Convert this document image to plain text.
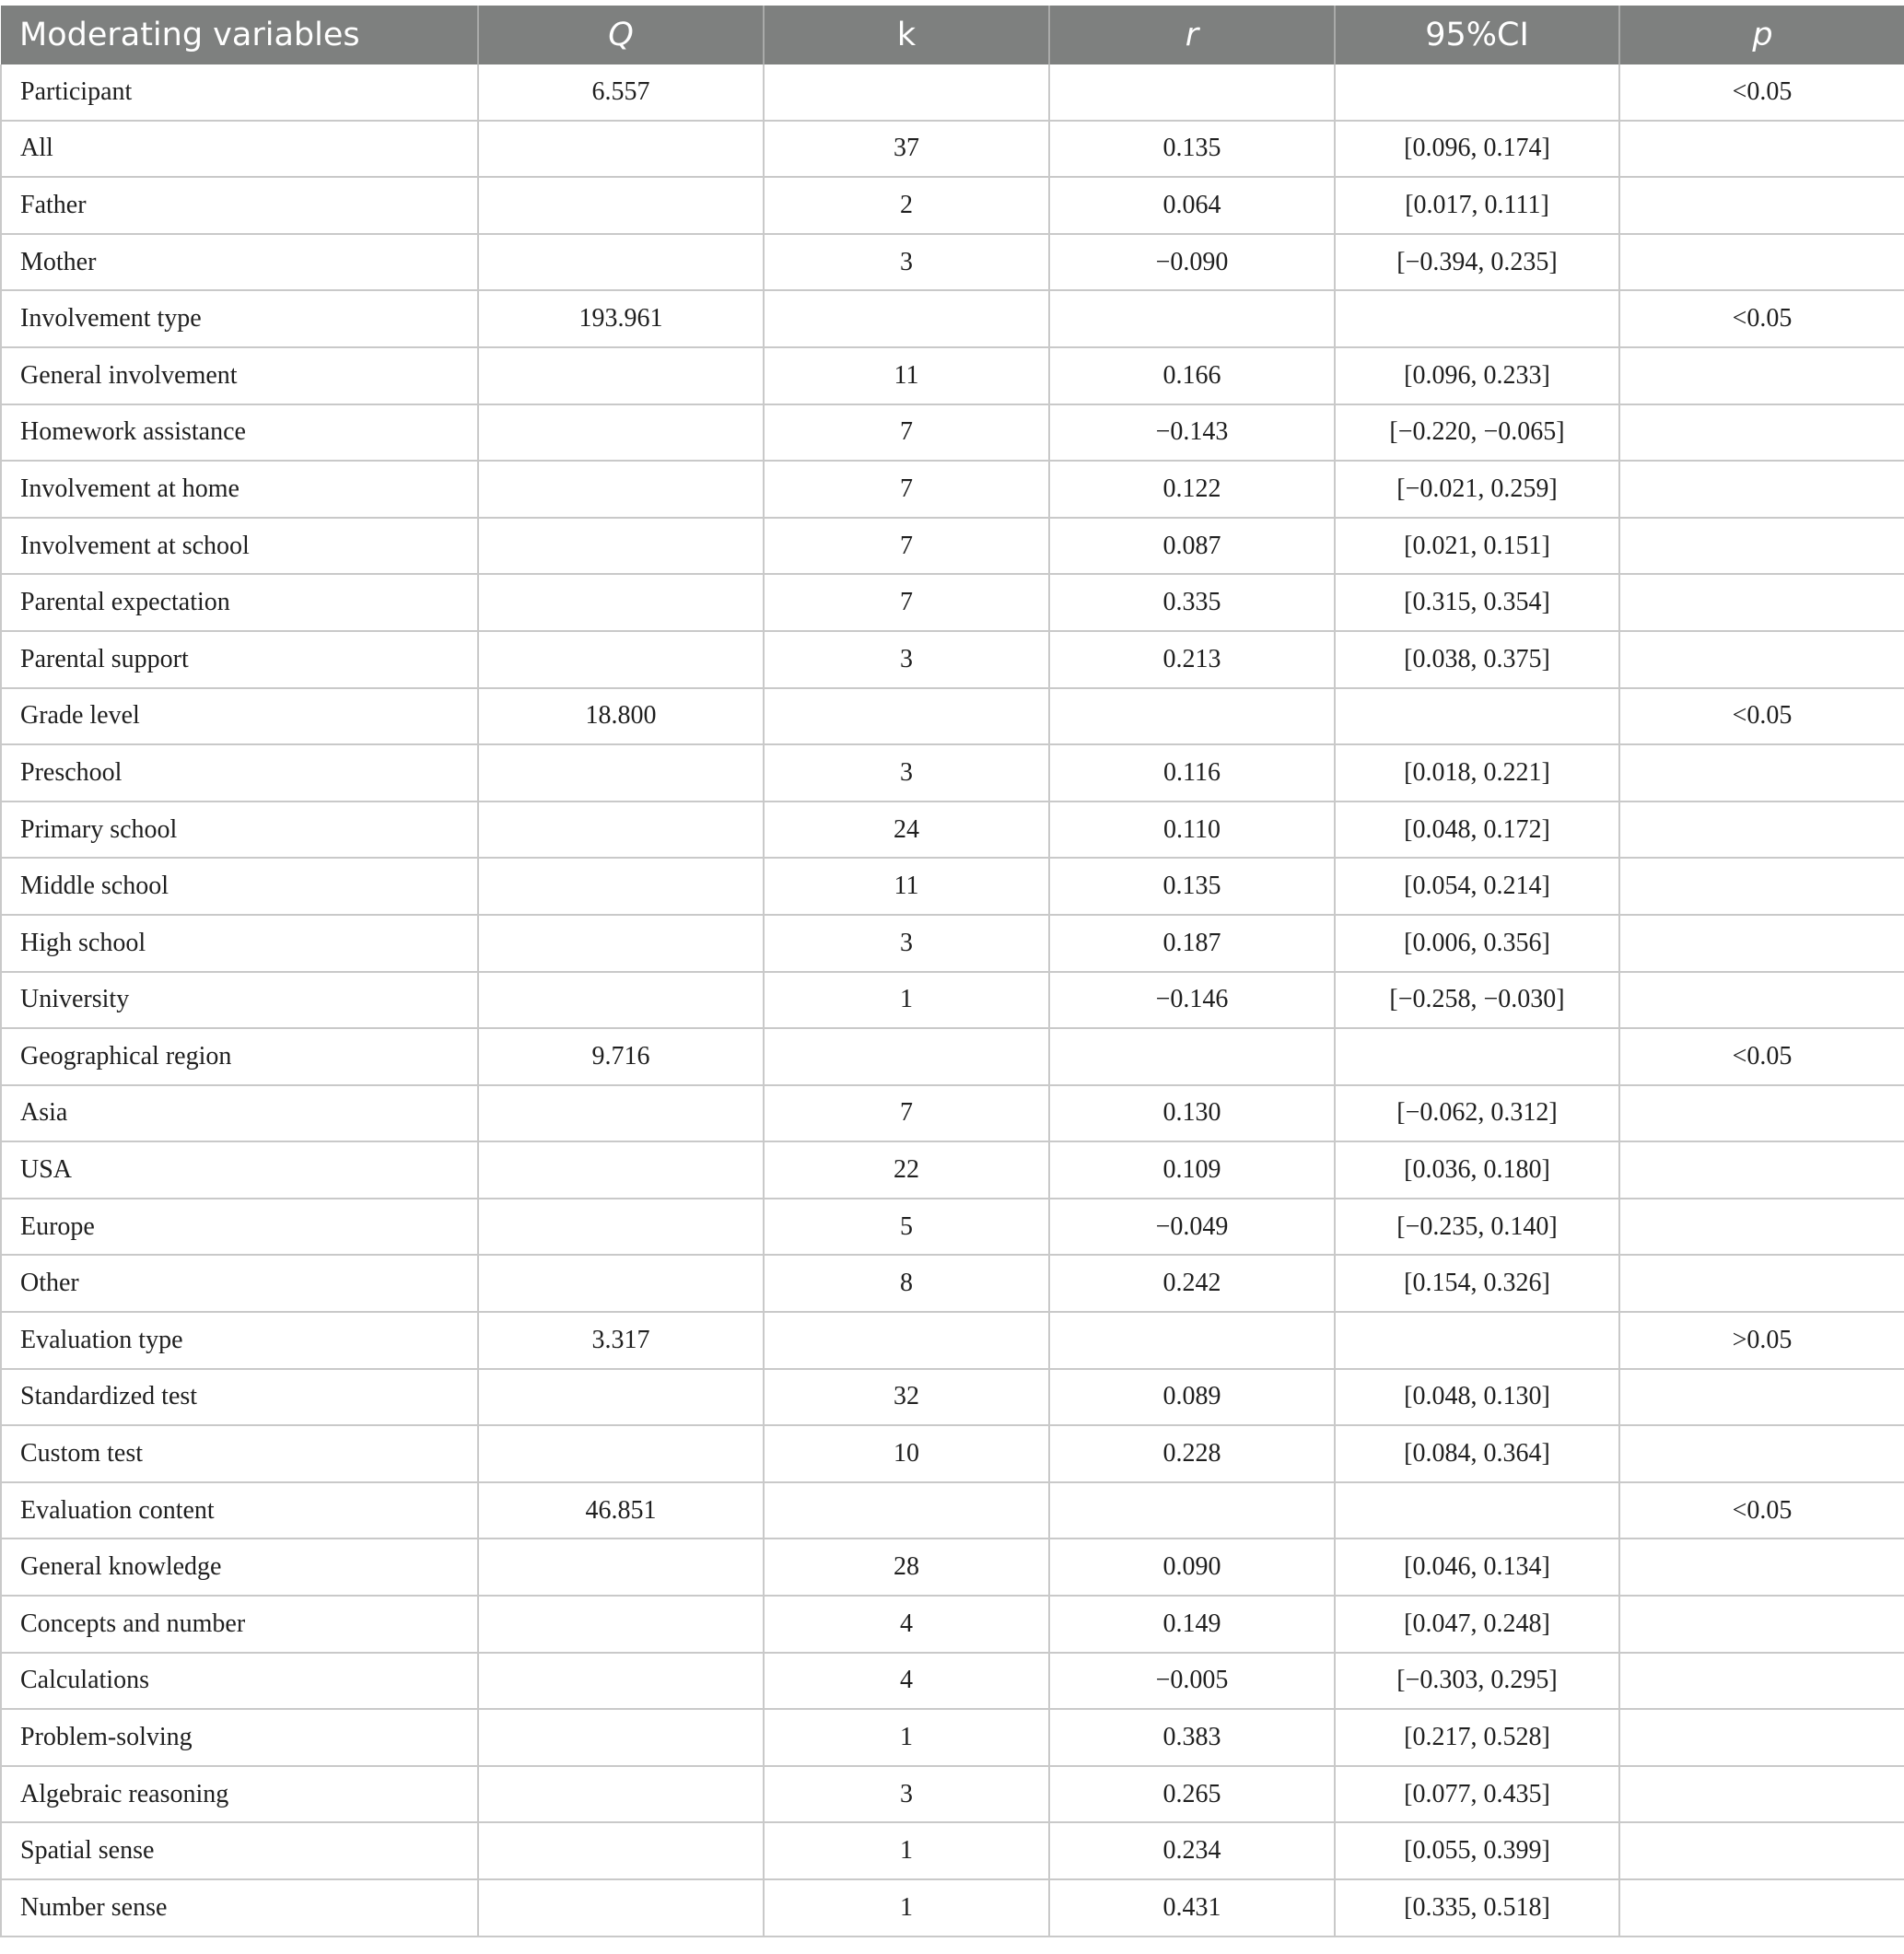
Moderating variables	Q	k	r	95%CI	p
Participant	6.557				<0.05
All		37	0.135	[0.096, 0.174]	
Father		2	0.064	[0.017, 0.111]	
Mother		3	−0.090	[−0.394, 0.235]	
Involvement type	193.961				<0.05
General involvement		11	0.166	[0.096, 0.233]	
Homework assistance		7	−0.143	[−0.220, −0.065]	
Involvement at home		7	0.122	[−0.021, 0.259]	
Involvement at school		7	0.087	[0.021, 0.151]	
Parental expectation		7	0.335	[0.315, 0.354]	
Parental support		3	0.213	[0.038, 0.375]	
Grade level	18.800				<0.05
Preschool		3	0.116	[0.018, 0.221]	
Primary school		24	0.110	[0.048, 0.172]	
Middle school		11	0.135	[0.054, 0.214]	
High school		3	0.187	[0.006, 0.356]	
University		1	−0.146	[−0.258, −0.030]	
Geographical region	9.716				<0.05
Asia		7	0.130	[−0.062, 0.312]	
USA		22	0.109	[0.036, 0.180]	
Europe		5	−0.049	[−0.235, 0.140]	
Other		8	0.242	[0.154, 0.326]	
Evaluation type	3.317				>0.05
Standardized test		32	0.089	[0.048, 0.130]	
Custom test		10	0.228	[0.084, 0.364]	
Evaluation content	46.851				<0.05
General knowledge		28	0.090	[0.046, 0.134]	
Concepts and number		4	0.149	[0.047, 0.248]	
Calculations		4	−0.005	[−0.303, 0.295]	
Problem-solving		1	0.383	[0.217, 0.528]	
Algebraic reasoning		3	0.265	[0.077, 0.435]	
Spatial sense		1	0.234	[0.055, 0.399]	
Number sense		1	0.431	[0.335, 0.518]	
